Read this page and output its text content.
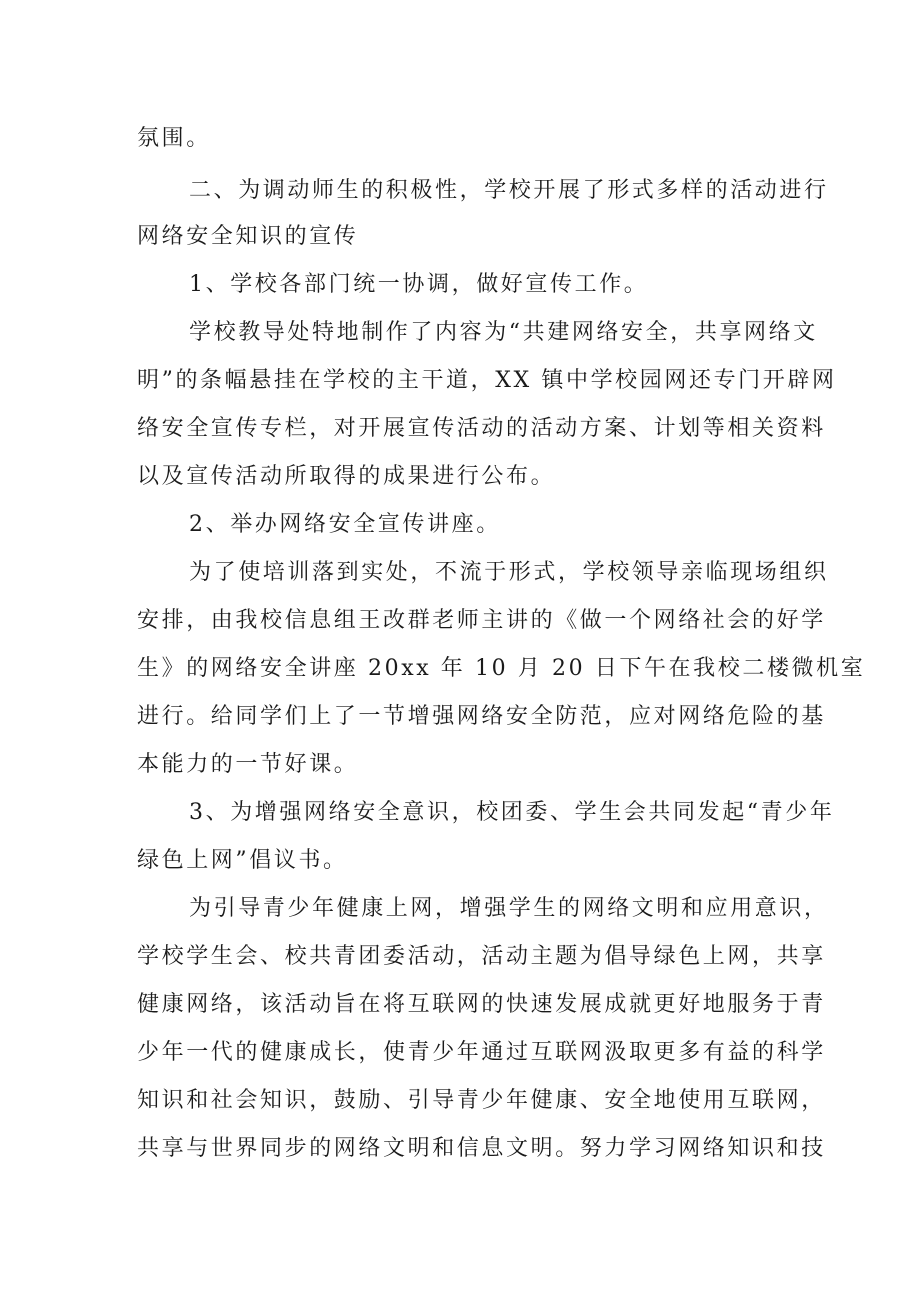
氛围。
二、为调动师生的积极性，学校开展了形式多样的活动进行
网络安全知识的宣传
1、学校各部门统一协调，做好宣传工作。
学校教导处特地制作了内容为“共建网络安全，共享网络文
明”的条幅悬挂在学校的主干道，XX 镇中学校园网还专门开辟网
络安全宣传专栏，对开展宣传活动的活动方案、计划等相关资料
以及宣传活动所取得的成果进行公布。
2、举办网络安全宣传讲座。
为了使培训落到实处，不流于形式，学校领导亲临现场组织
安排，由我校信息组王改群老师主讲的《做一个网络社会的好学
生》的网络安全讲座 20xx 年 10 月 20 日下午在我校二楼微机室
进行。给同学们上了一节增强网络安全防范，应对网络危险的基
本能力的一节好课。
3、为增强网络安全意识，校团委、学生会共同发起“青少年
绿色上网”倡议书。
为引导青少年健康上网，增强学生的网络文明和应用意识，
学校学生会、校共青团委活动，活动主题为倡导绿色上网，共享
健康网络，该活动旨在将互联网的快速发展成就更好地服务于青
少年一代的健康成长，使青少年通过互联网汲取更多有益的科学
知识和社会知识，鼓励、引导青少年健康、安全地使用互联网，
共享与世界同步的网络文明和信息文明。努力学习网络知识和技
